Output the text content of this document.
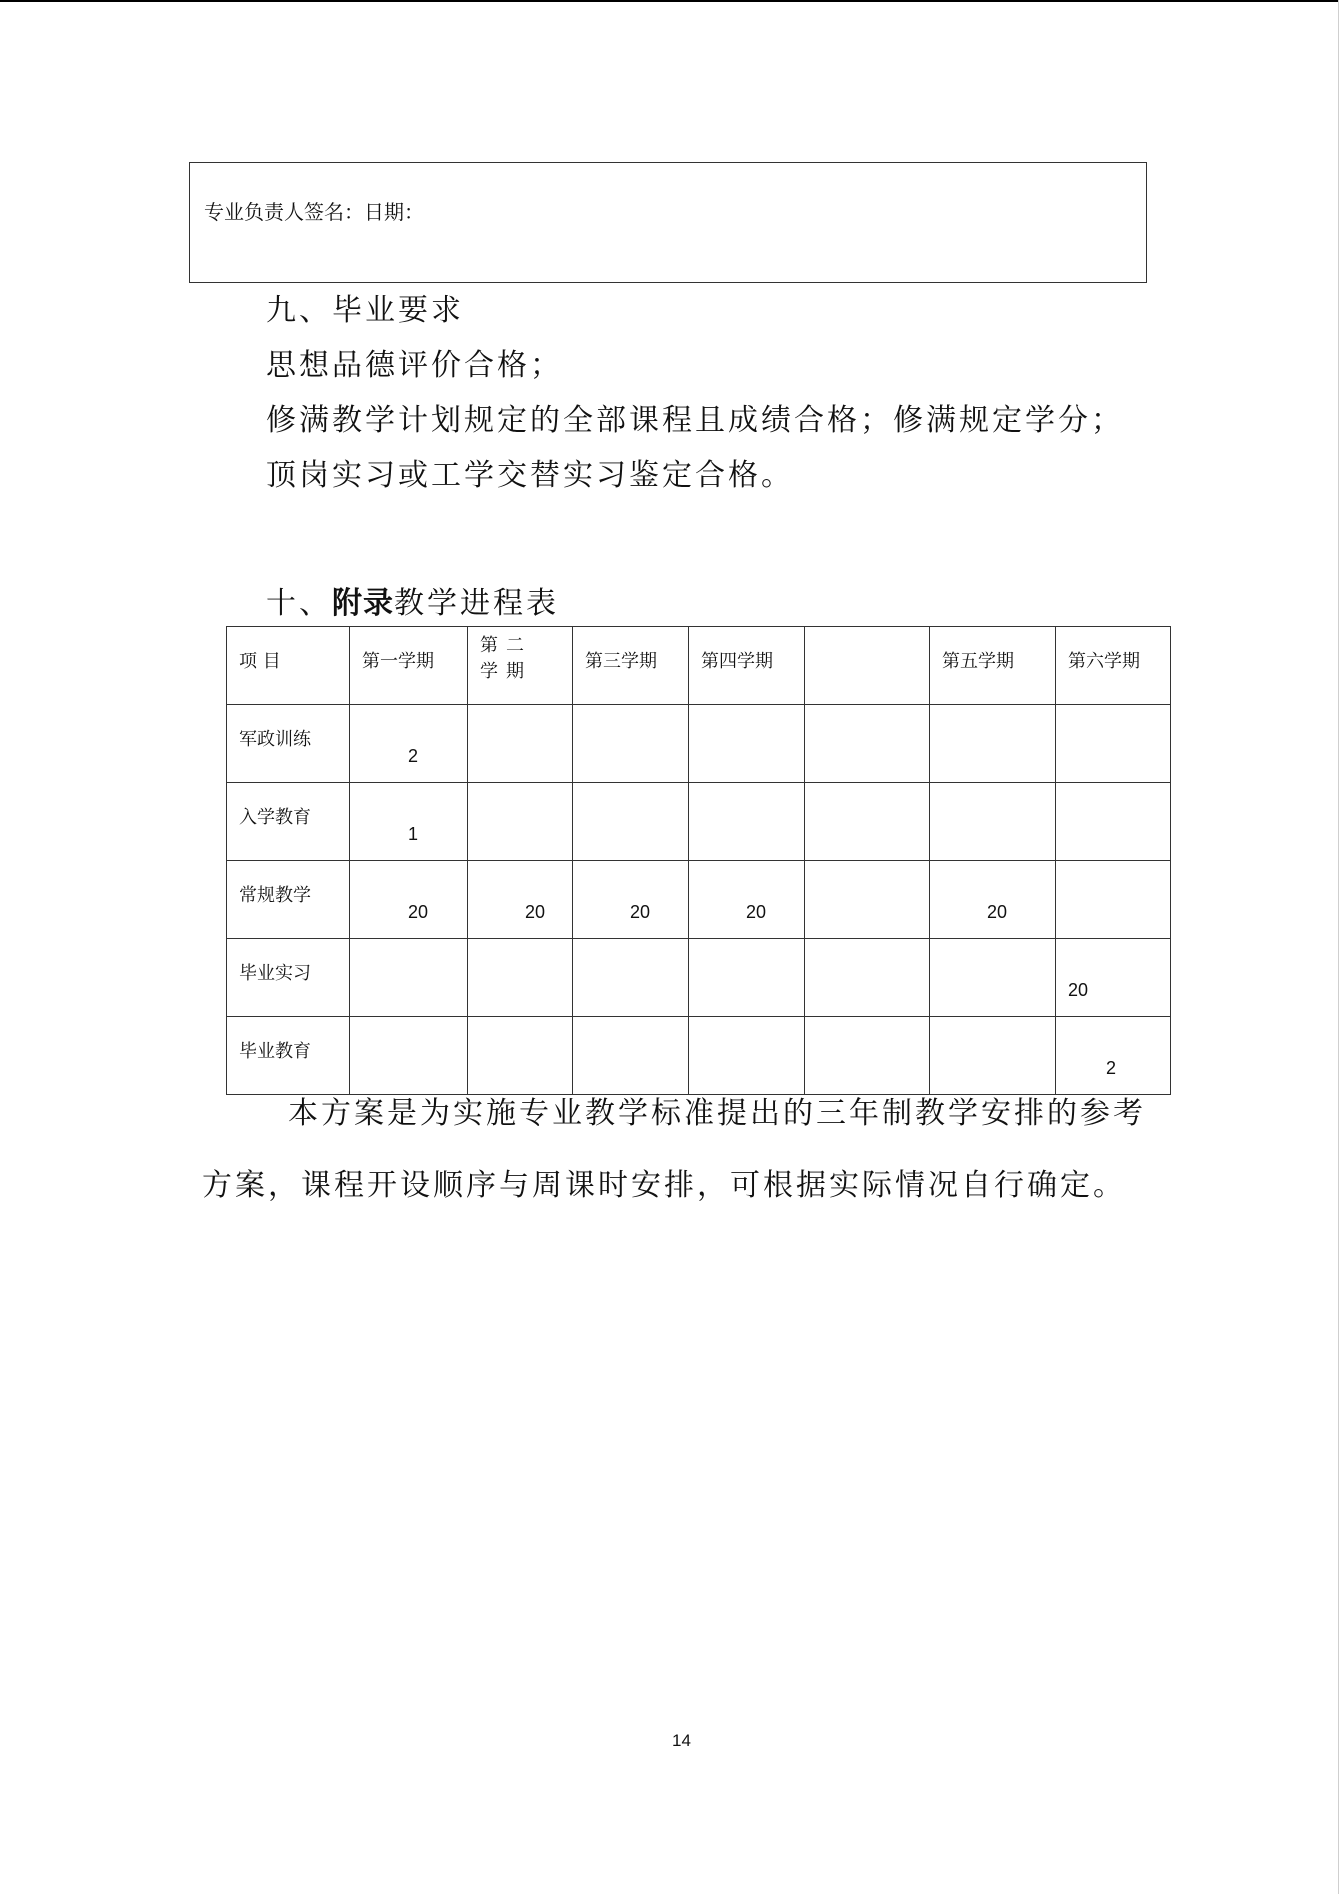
专业负责人签名：日期：
九、毕业要求
思想品德评价合格；
修满教学计划规定的全部课程且成绩合格；修满规定学分；
顶岗实习或工学交替实习鉴定合格。
十、附录教学进程表
项 目	第一学期	第二学期	第三学期	第四学期		第五学期	第六学期

军政训练	2						

入学教育	1						

常规教学	20	20	20	20		20	

毕业实习							20

毕业教育							2
本方案是为实施专业教学标准提出的三年制教学安排的参考
方案，课程开设顺序与周课时安排，可根据实际情况自行确定。
14
